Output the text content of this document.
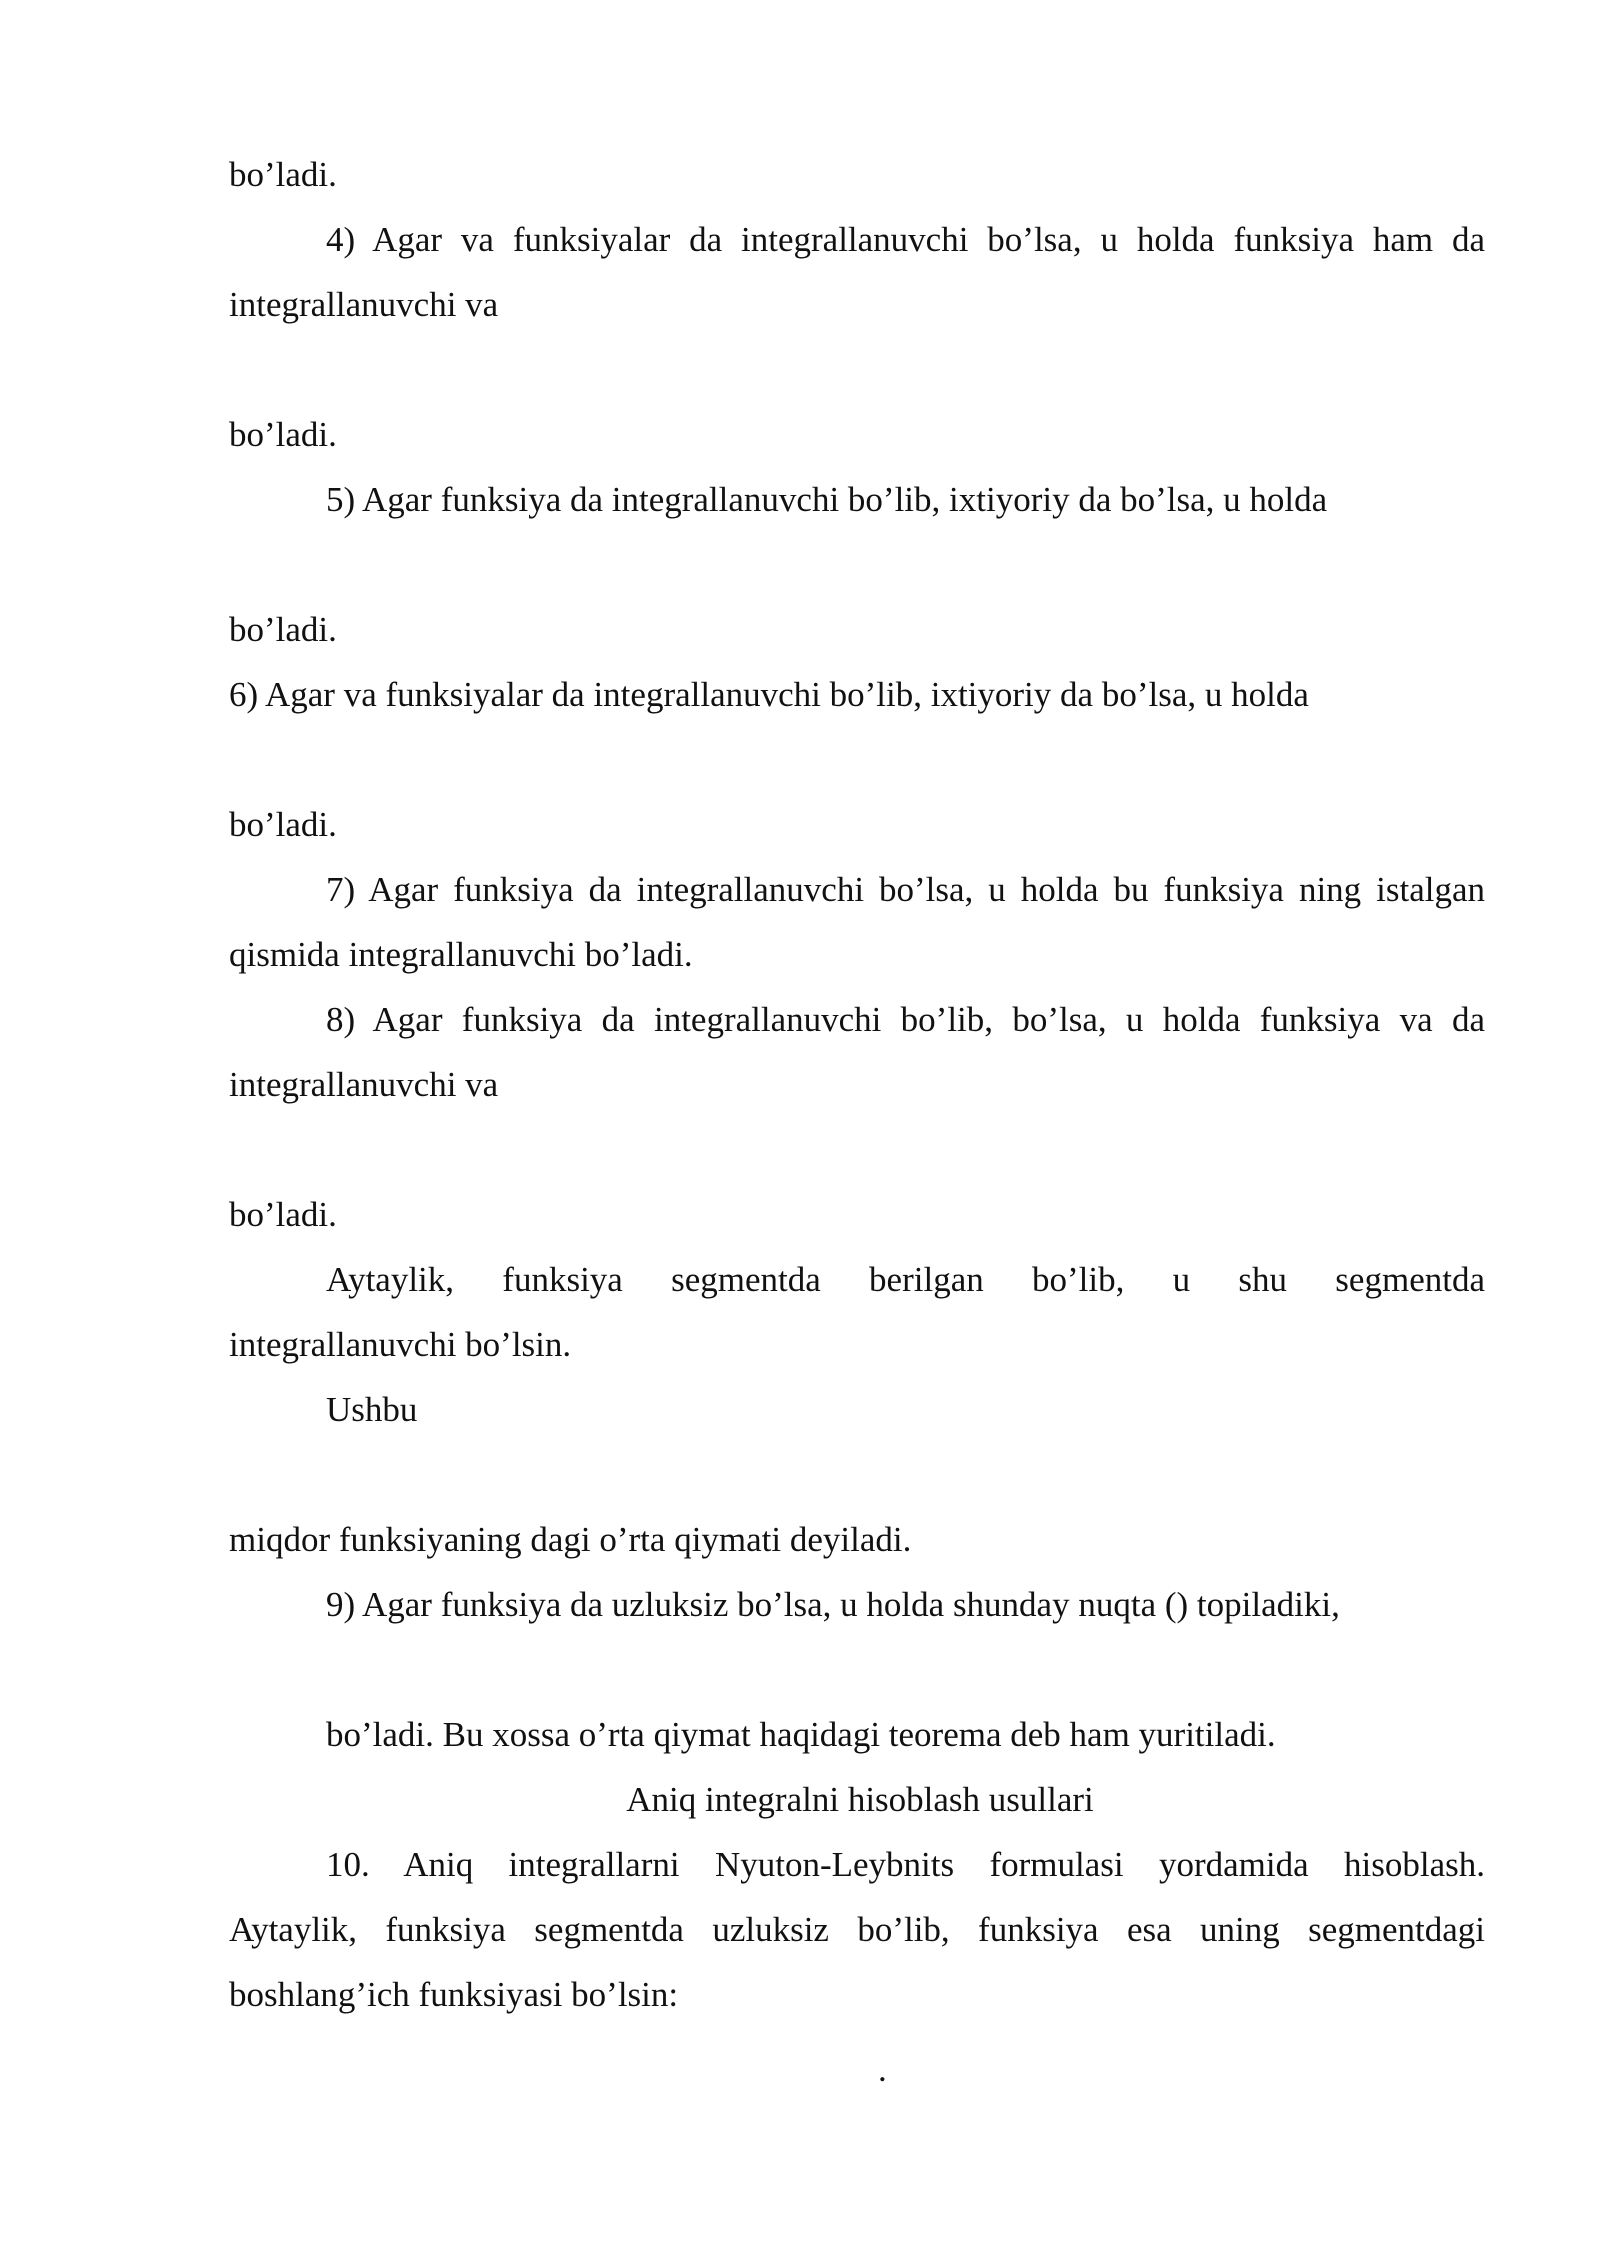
bo’ladi.
4) Agar va funksiyalar da integrallanuvchi bo’lsa, u holda funksiya ham da
integrallanuvchi va
bo’ladi.
5) Agar funksiya da integrallanuvchi bo’lib, ixtiyoriy da bo’lsa, u holda
bo’ladi.
6) Agar va funksiyalar da integrallanuvchi bo’lib, ixtiyoriy da bo’lsa, u holda
bo’ladi.
7) Agar funksiya da integrallanuvchi bo’lsa, u holda bu funksiya ning istalgan
qismida integrallanuvchi bo’ladi.
8) Agar funksiya da integrallanuvchi bo’lib, bo’lsa, u holda funksiya va da
integrallanuvchi va
bo’ladi.
Aytaylik, funksiya segmentda berilgan bo’lib, u shu segmentda
integrallanuvchi bo’lsin.
Ushbu
miqdor funksiyaning dagi o’rta qiymati deyiladi.
9) Agar funksiya da uzluksiz bo’lsa, u holda shunday nuqta () topiladiki,
bo’ladi. Bu xossa o’rta qiymat haqidagi teorema deb ham yuritiladi.
Aniq integralni hisoblash usullari
10. Aniq integrallarni Nyuton-Leybnits formulasi yordamida hisoblash.
Aytaylik, funksiya segmentda uzluksiz bo’lib, funksiya esa uning segmentdagi
boshlang’ich funksiyasi bo’lsin:
.
